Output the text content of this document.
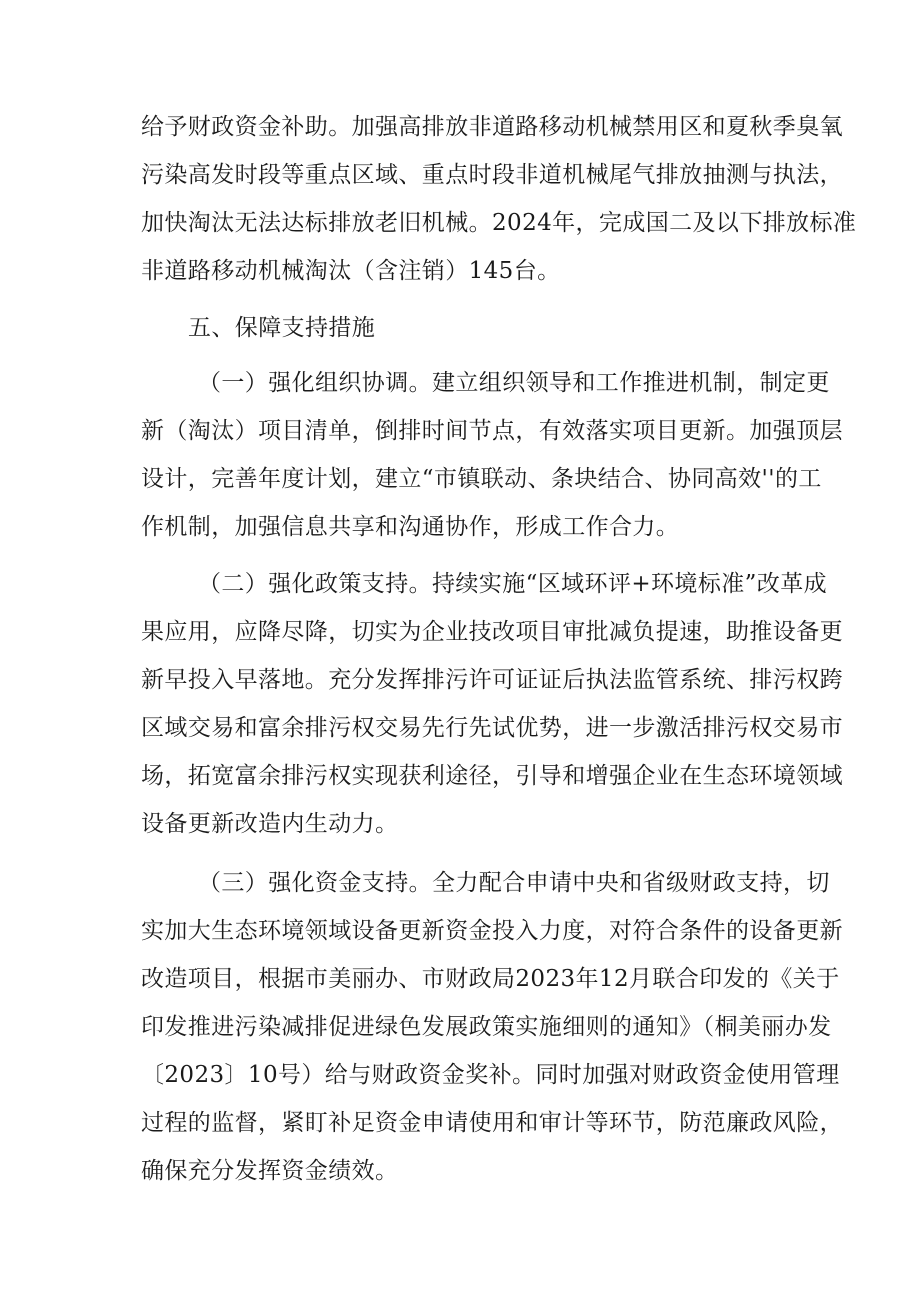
给予财政资金补助。加强高排放非道路移动机械禁用区和夏秋季臭氧
污染高发时段等重点区域、重点时段非道机械尾气排放抽测与执法，
加快淘汰无法达标排放老旧机械。2024年，完成国二及以下排放标准
非道路移动机械淘汰（含注销）145台。
五、保障支持措施
（一）强化组织协调。建立组织领导和工作推进机制，制定更
新（淘汰）项目清单，倒排时间节点，有效落实项目更新。加强顶层
设计，完善年度计划，建立“市镇联动、条块结合、协同高效''的工
作机制，加强信息共享和沟通协作，形成工作合力。
（二）强化政策支持。持续实施“区域环评+环境标准”改革成
果应用，应降尽降，切实为企业技改项目审批减负提速，助推设备更
新早投入早落地。充分发挥排污许可证证后执法监管系统、排污权跨
区域交易和富余排污权交易先行先试优势，进一步激活排污权交易市
场，拓宽富余排污权实现获利途径，引导和增强企业在生态环境领域
设备更新改造内生动力。
（三）强化资金支持。全力配合申请中央和省级财政支持，切
实加大生态环境领域设备更新资金投入力度，对符合条件的设备更新
改造项目，根据市美丽办、市财政局2023年12月联合印发的《关于
印发推进污染减排促进绿色发展政策实施细则的通知》（桐美丽办发
〔2023〕10号）给与财政资金奖补。同时加强对财政资金使用管理
过程的监督，紧盯补足资金申请使用和审计等环节，防范廉政风险，
确保充分发挥资金绩效。
